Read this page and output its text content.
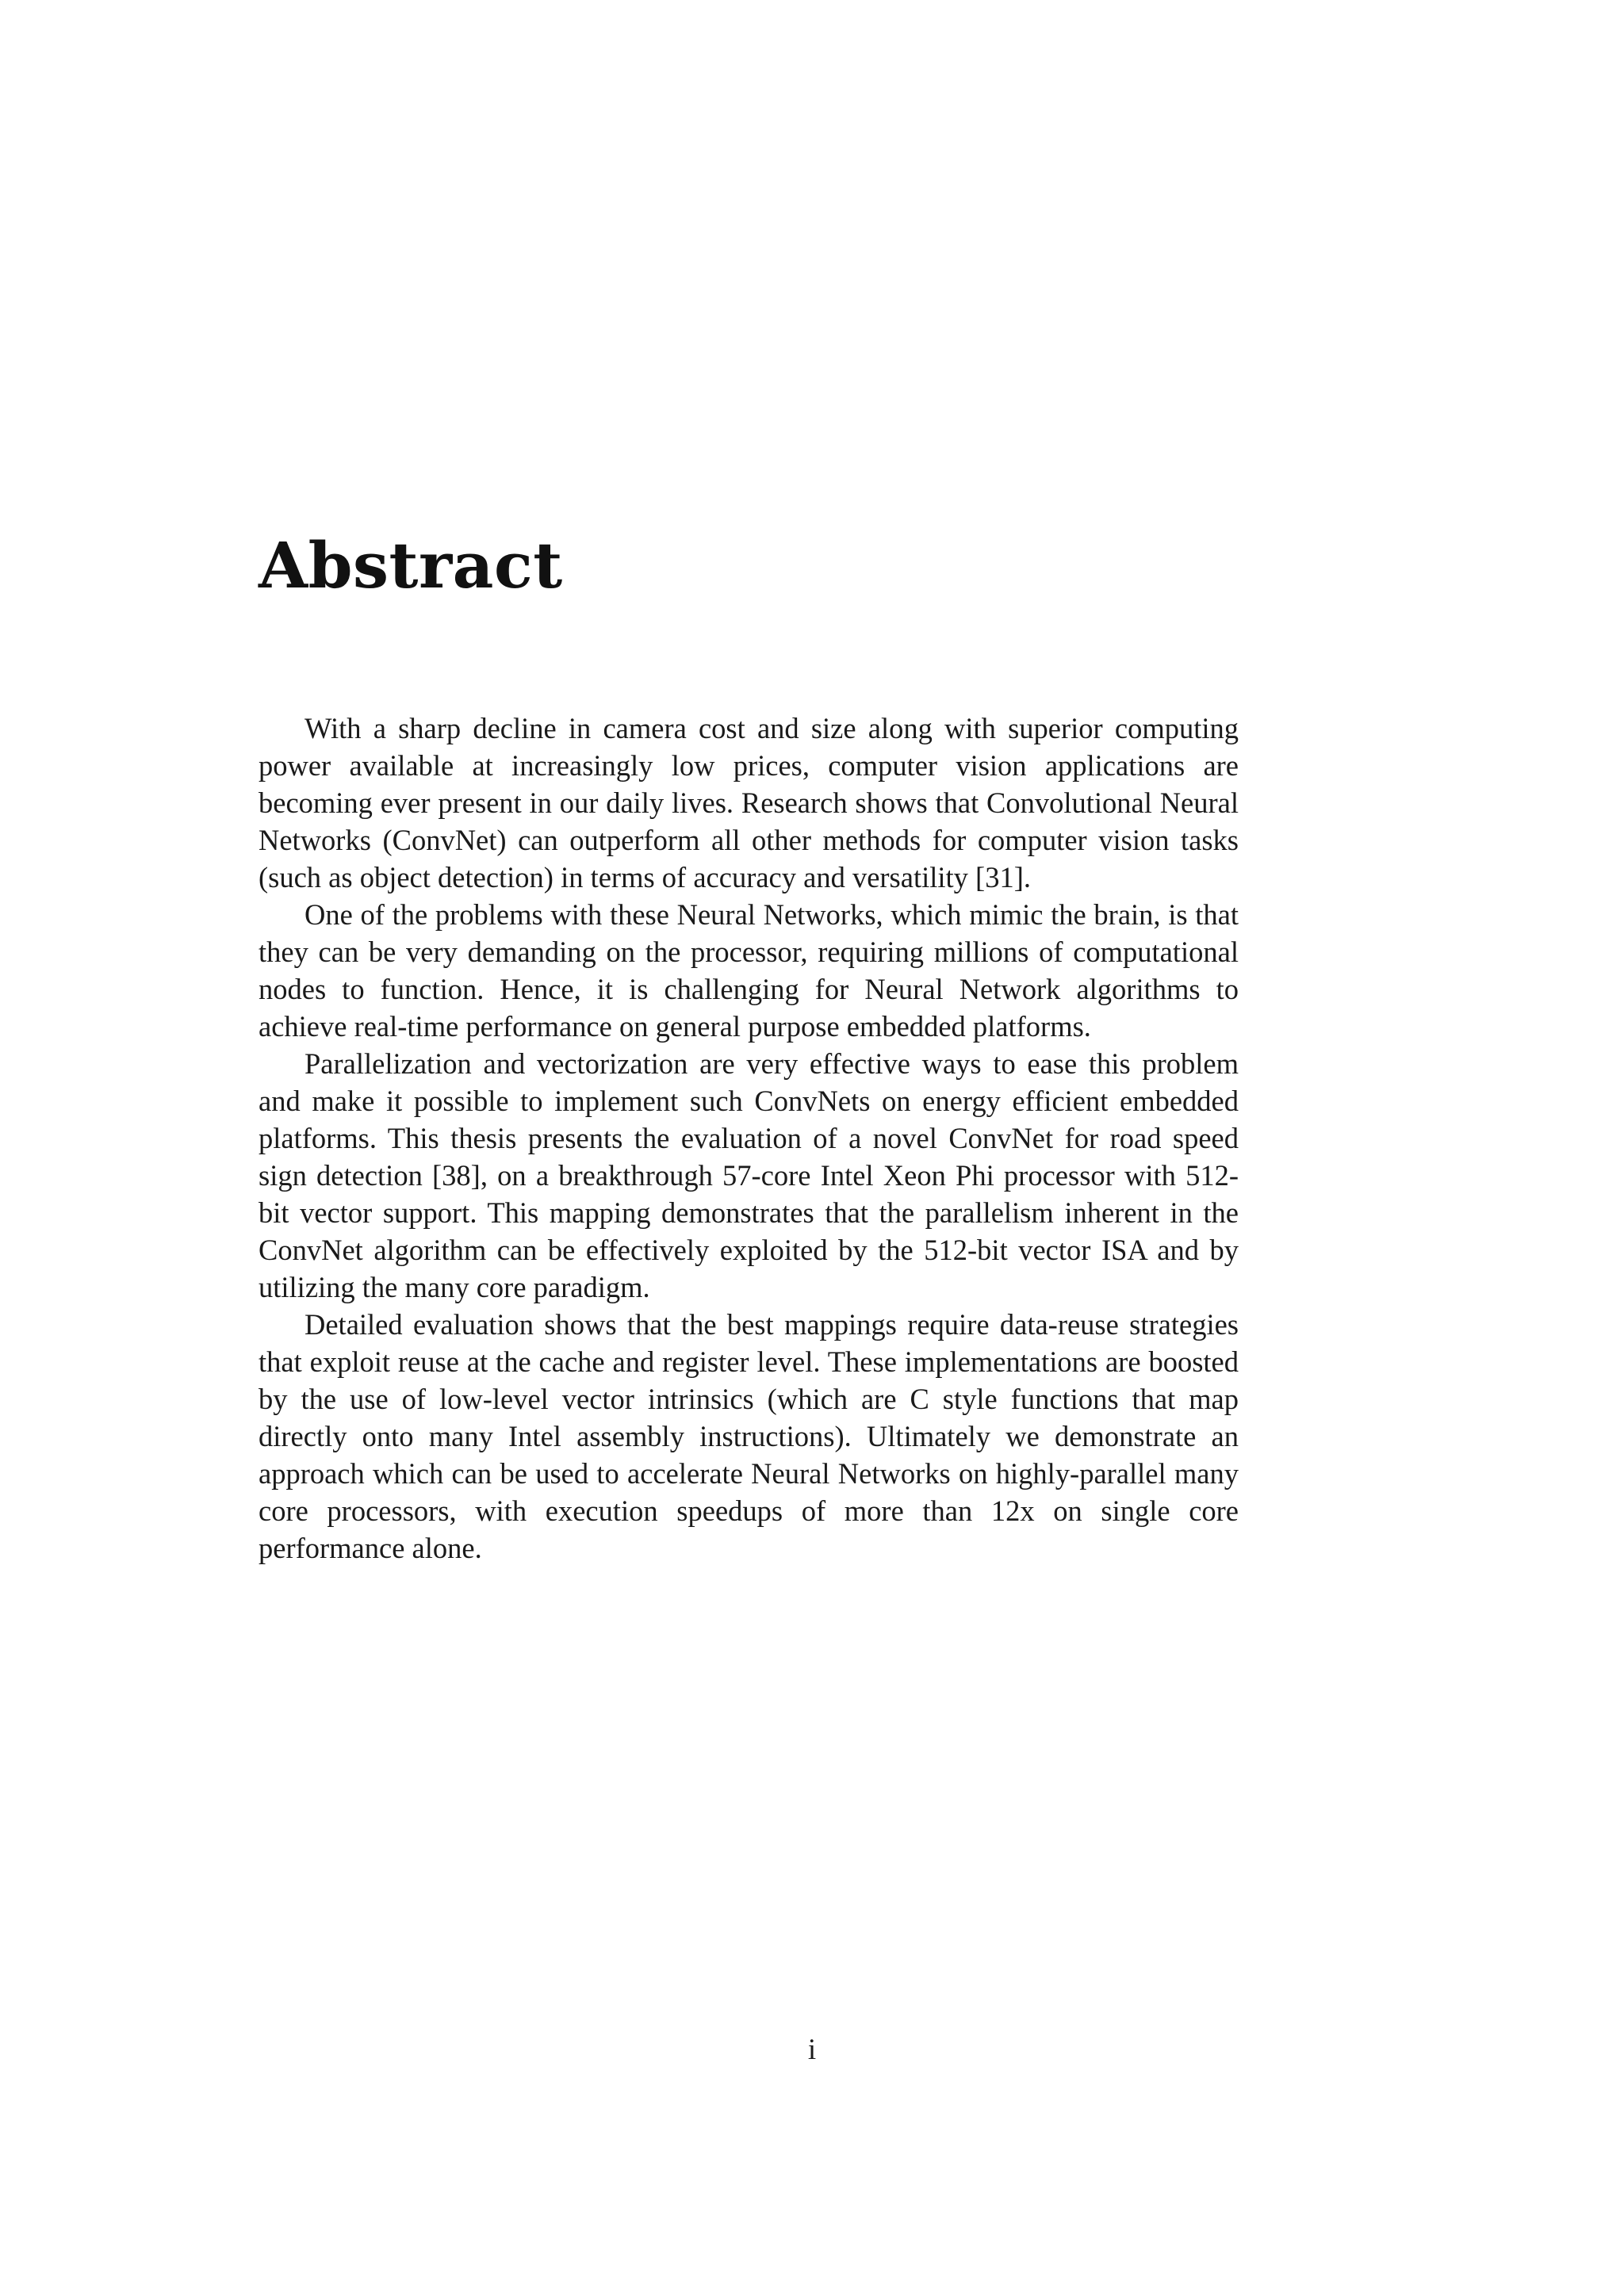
Abstract

With a sharp decline in camera cost and size along with superior computing power available at increasingly low prices, computer vision applications are becoming ever present in our daily lives. Research shows that Convolutional Neural Networks (ConvNet) can outperform all other methods for computer vision tasks (such as object detection) in terms of accuracy and versatility [31].

One of the problems with these Neural Networks, which mimic the brain, is that they can be very demanding on the processor, requiring millions of computational nodes to function. Hence, it is challenging for Neural Network algorithms to achieve real-time performance on general purpose embedded platforms.

Parallelization and vectorization are very effective ways to ease this problem and make it possible to implement such ConvNets on energy efficient embedded platforms. This thesis presents the evaluation of a novel ConvNet for road speed sign detection [38], on a breakthrough 57-core Intel Xeon Phi processor with 512-bit vector support. This mapping demonstrates that the parallelism inherent in the ConvNet algorithm can be effectively exploited by the 512-bit vector ISA and by utilizing the many core paradigm.

Detailed evaluation shows that the best mappings require data-reuse strategies that exploit reuse at the cache and register level. These implementations are boosted by the use of low-level vector intrinsics (which are C style functions that map directly onto many Intel assembly instructions). Ultimately we demonstrate an approach which can be used to accelerate Neural Networks on highly-parallel many core processors, with execution speedups of more than 12x on single core performance alone.

i
